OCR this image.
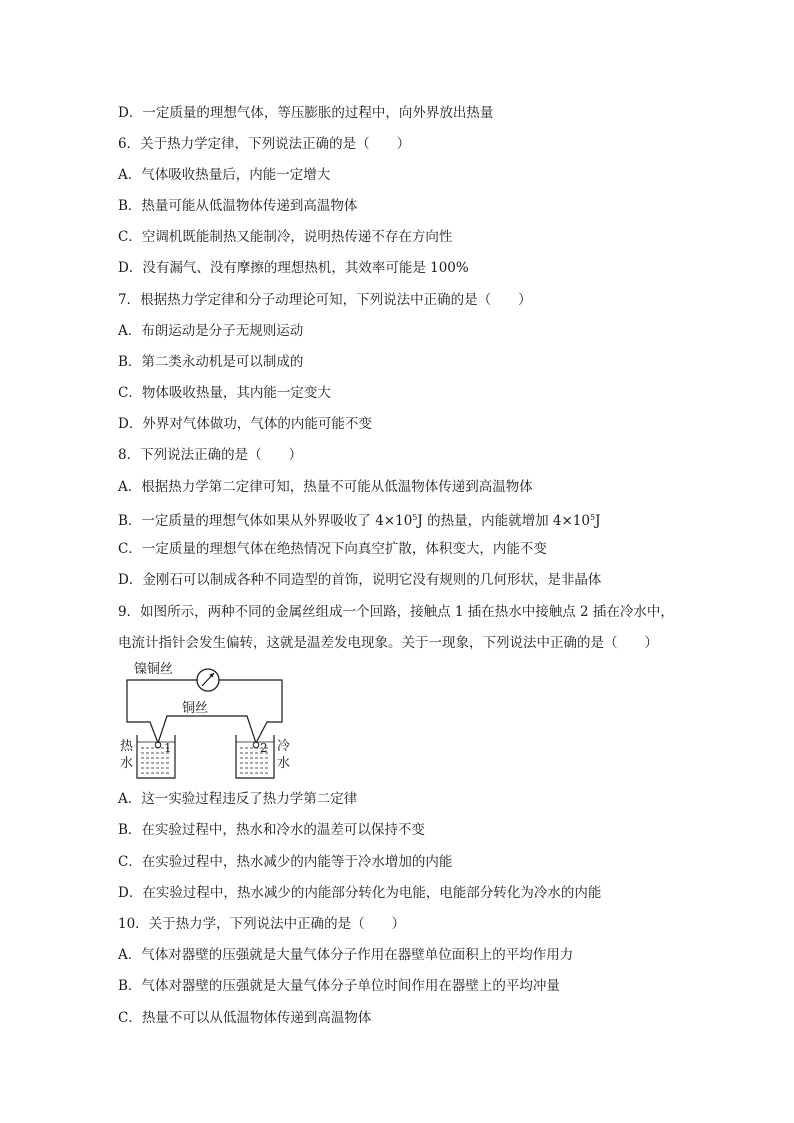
D．一定质量的理想气体，等压膨胀的过程中，向外界放出热量
6．关于热力学定律，下列说法正确的是（　　）
A．气体吸收热量后，内能一定增大
B．热量可能从低温物体传递到高温物体
C．空调机既能制热又能制冷，说明热传递不存在方向性
D．没有漏气、没有摩擦的理想热机，其效率可能是 100%
7．根据热力学定律和分子动理论可知，下列说法中正确的是（　　）
A．布朗运动是分子无规则运动
B．第二类永动机是可以制成的
C．物体吸收热量，其内能一定变大
D．外界对气体做功，气体的内能可能不变
8．下列说法正确的是（　　）
A．根据热力学第二定律可知，热量不可能从低温物体传递到高温物体
B．一定质量的理想气体如果从外界吸收了 $4\times 10^5J$ 的热量，内能就增加 $4\times 10^5J$
C．一定质量的理想气体在绝热情况下向真空扩散，体积变大，内能不变
D．金刚石可以制成各种不同造型的首饰，说明它没有规则的几何形状，是非晶体
9．如图所示，两种不同的金属丝组成一个回路，接触点 1 插在热水中接触点 2 插在冷水中，
电流计指针会发生偏转，这就是温差发电现象。关于一现象，下列说法中正确的是（　　）
镍铜丝
铜丝
热
水
冷
水
1	2
A．这一实验过程违反了热力学第二定律
B．在实验过程中，热水和冷水的温差可以保持不变
C．在实验过程中，热水减少的内能等于冷水增加的内能
D．在实验过程中，热水减少的内能部分转化为电能，电能部分转化为冷水的内能
10．关于热力学，下列说法中正确的是（　　）
A．气体对器壁的压强就是大量气体分子作用在器壁单位面积上的平均作用力
B．气体对器壁的压强就是大量气体分子单位时间作用在器壁上的平均冲量
C．热量不可以从低温物体传递到高温物体
